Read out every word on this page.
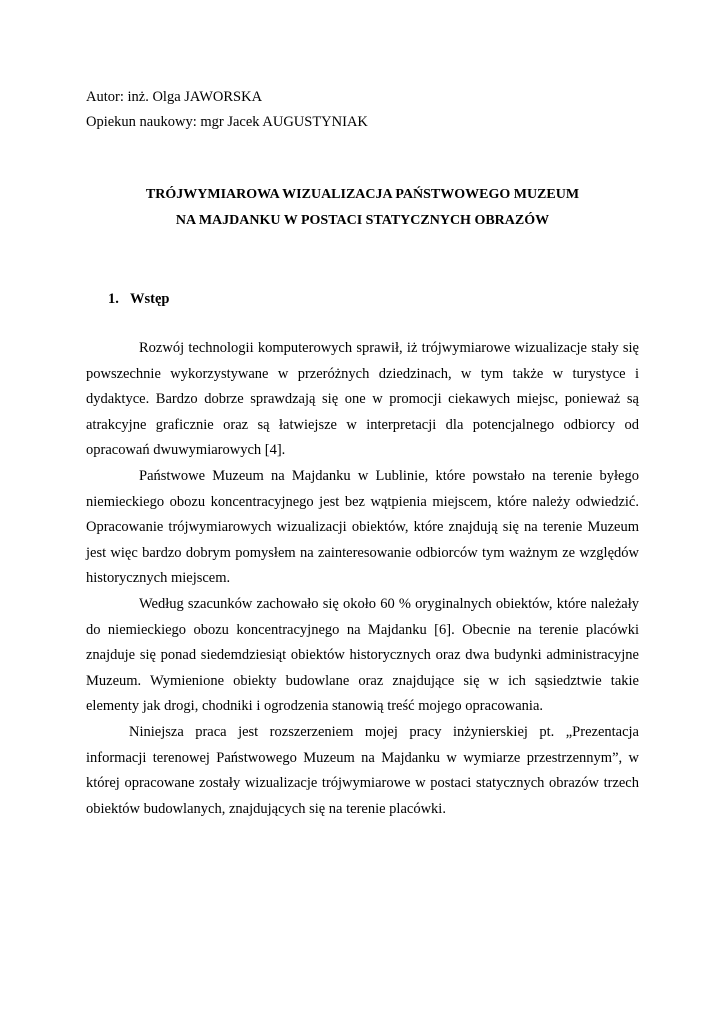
Autor: inż. Olga JAWORSKA
Opiekun naukowy: mgr Jacek AUGUSTYNIAK
TRÓJWYMIAROWA WIZUALIZACJA PAŃSTWOWEGO MUZEUM
NA MAJDANKU W POSTACI STATYCZNYCH OBRAZÓW
1. Wstęp

Rozwój technologii komputerowych sprawił, iż trójwymiarowe wizualizacje stały się powszechnie wykorzystywane w przeróżnych dziedzinach, w tym także w turystyce i dydaktyce. Bardzo dobrze sprawdzają się one w promocji ciekawych miejsc, ponieważ są atrakcyjne graficznie oraz są łatwiejsze w interpretacji dla potencjalnego odbiorcy od opracowań dwuwymiarowych [4].

Państwowe Muzeum na Majdanku w Lublinie, które powstało na terenie byłego niemieckiego obozu koncentracyjnego jest bez wątpienia miejscem, które należy odwiedzić. Opracowanie trójwymiarowych wizualizacji obiektów, które znajdują się na terenie Muzeum jest więc bardzo dobrym pomysłem na zainteresowanie odbiorców tym ważnym ze względów historycznych miejscem.

Według szacunków zachowało się około 60 % oryginalnych obiektów, które należały do niemieckiego obozu koncentracyjnego na Majdanku [6]. Obecnie na terenie placówki znajduje się ponad siedemdziesiąt obiektów historycznych oraz dwa budynki administracyjne Muzeum. Wymienione obiekty budowlane oraz znajdujące się w ich sąsiedztwie takie elementy jak drogi, chodniki i ogrodzenia stanowią treść mojego opracowania.

Niniejsza praca jest rozszerzeniem mojej pracy inżynierskiej pt. „Prezentacja informacji terenowej Państwowego Muzeum na Majdanku w wymiarze przestrzennym”, w której opracowane zostały wizualizacje trójwymiarowe w postaci statycznych obrazów trzech obiektów budowlanych, znajdujących się na terenie placówki.
